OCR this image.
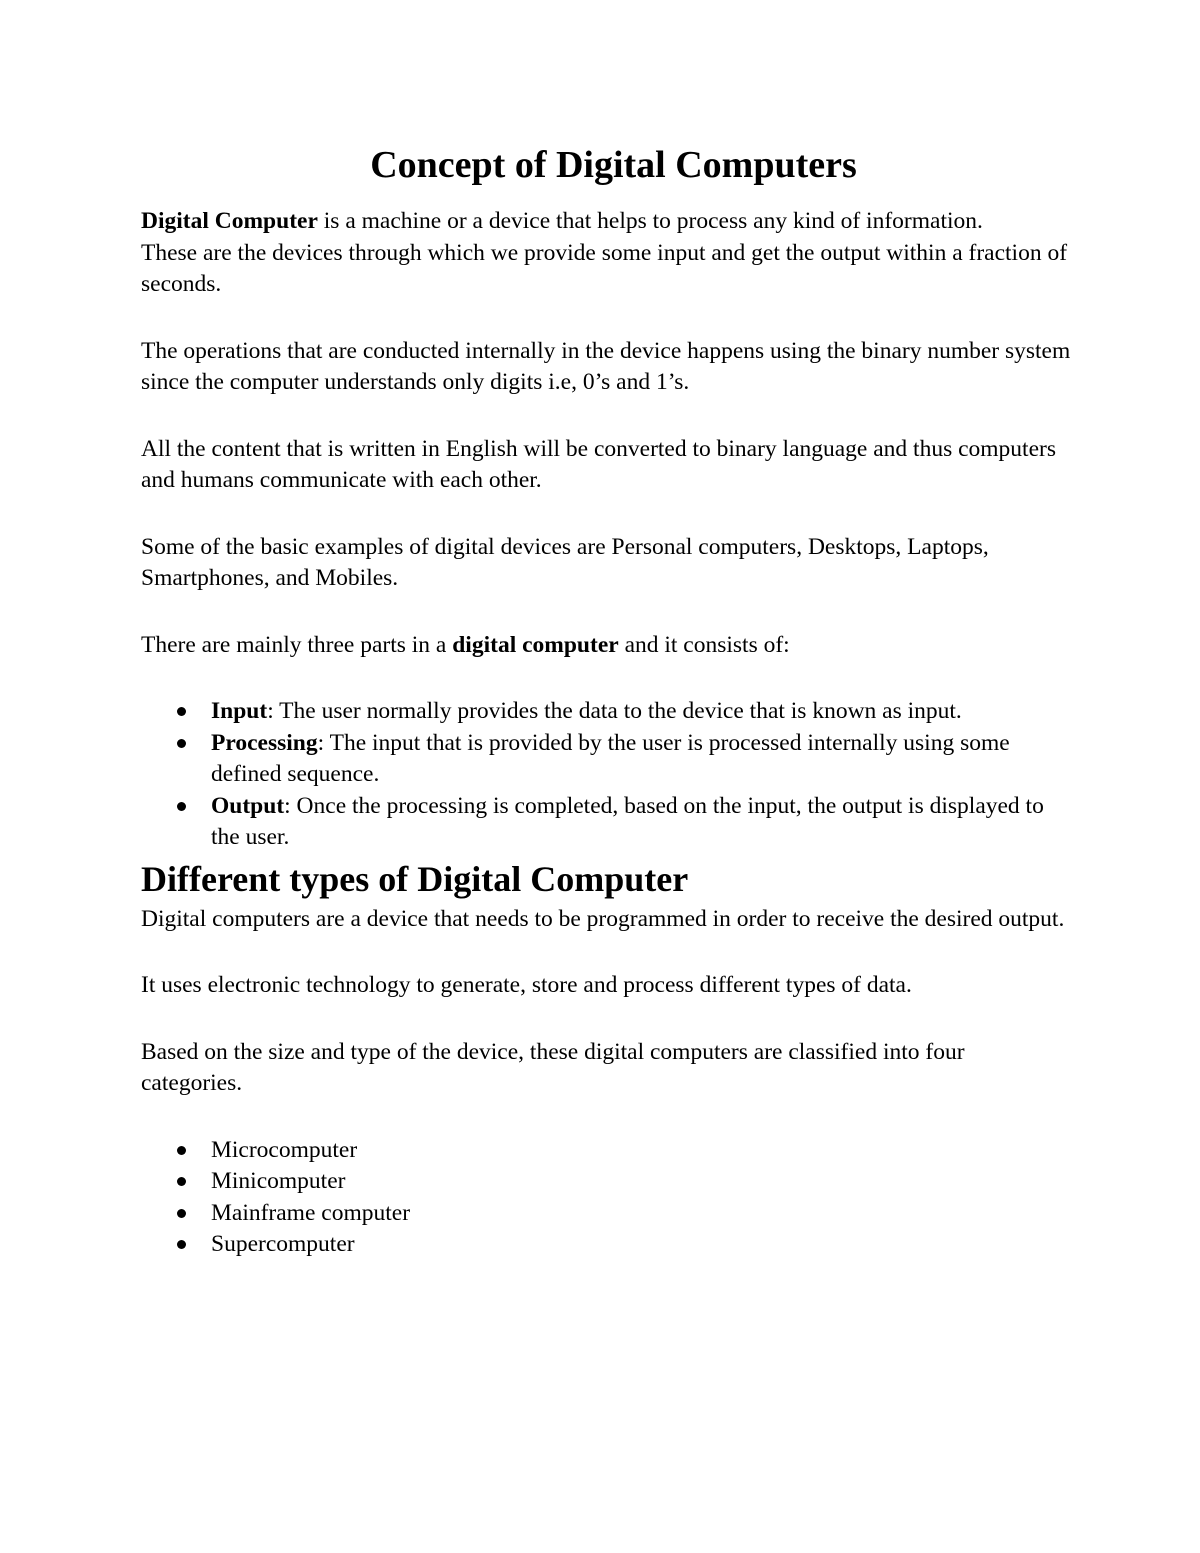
Concept of Digital Computers

Digital Computer is a machine or a device that helps to process any kind of information.

These are the devices through which we provide some input and get the output within a fraction of seconds.

The operations that are conducted internally in the device happens using the binary number system since the computer understands only digits i.e, 0’s and 1’s.

All the content that is written in English will be converted to binary language and thus computers and humans communicate with each other.

Some of the basic examples of digital devices are Personal computers, Desktops, Laptops, Smartphones, and Mobiles.

There are mainly three parts in a digital computer and it consists of:

Input: The user normally provides the data to the device that is known as input.
Processing: The input that is provided by the user is processed internally using some defined sequence.
Output: Once the processing is completed, based on the input, the output is displayed to the user.
Different types of Digital Computer

Digital computers are a device that needs to be programmed in order to receive the desired output.

It uses electronic technology to generate, store and process different types of data.

Based on the size and type of the device, these digital computers are classified into four categories.

Microcomputer
Minicomputer
Mainframe computer
Supercomputer
